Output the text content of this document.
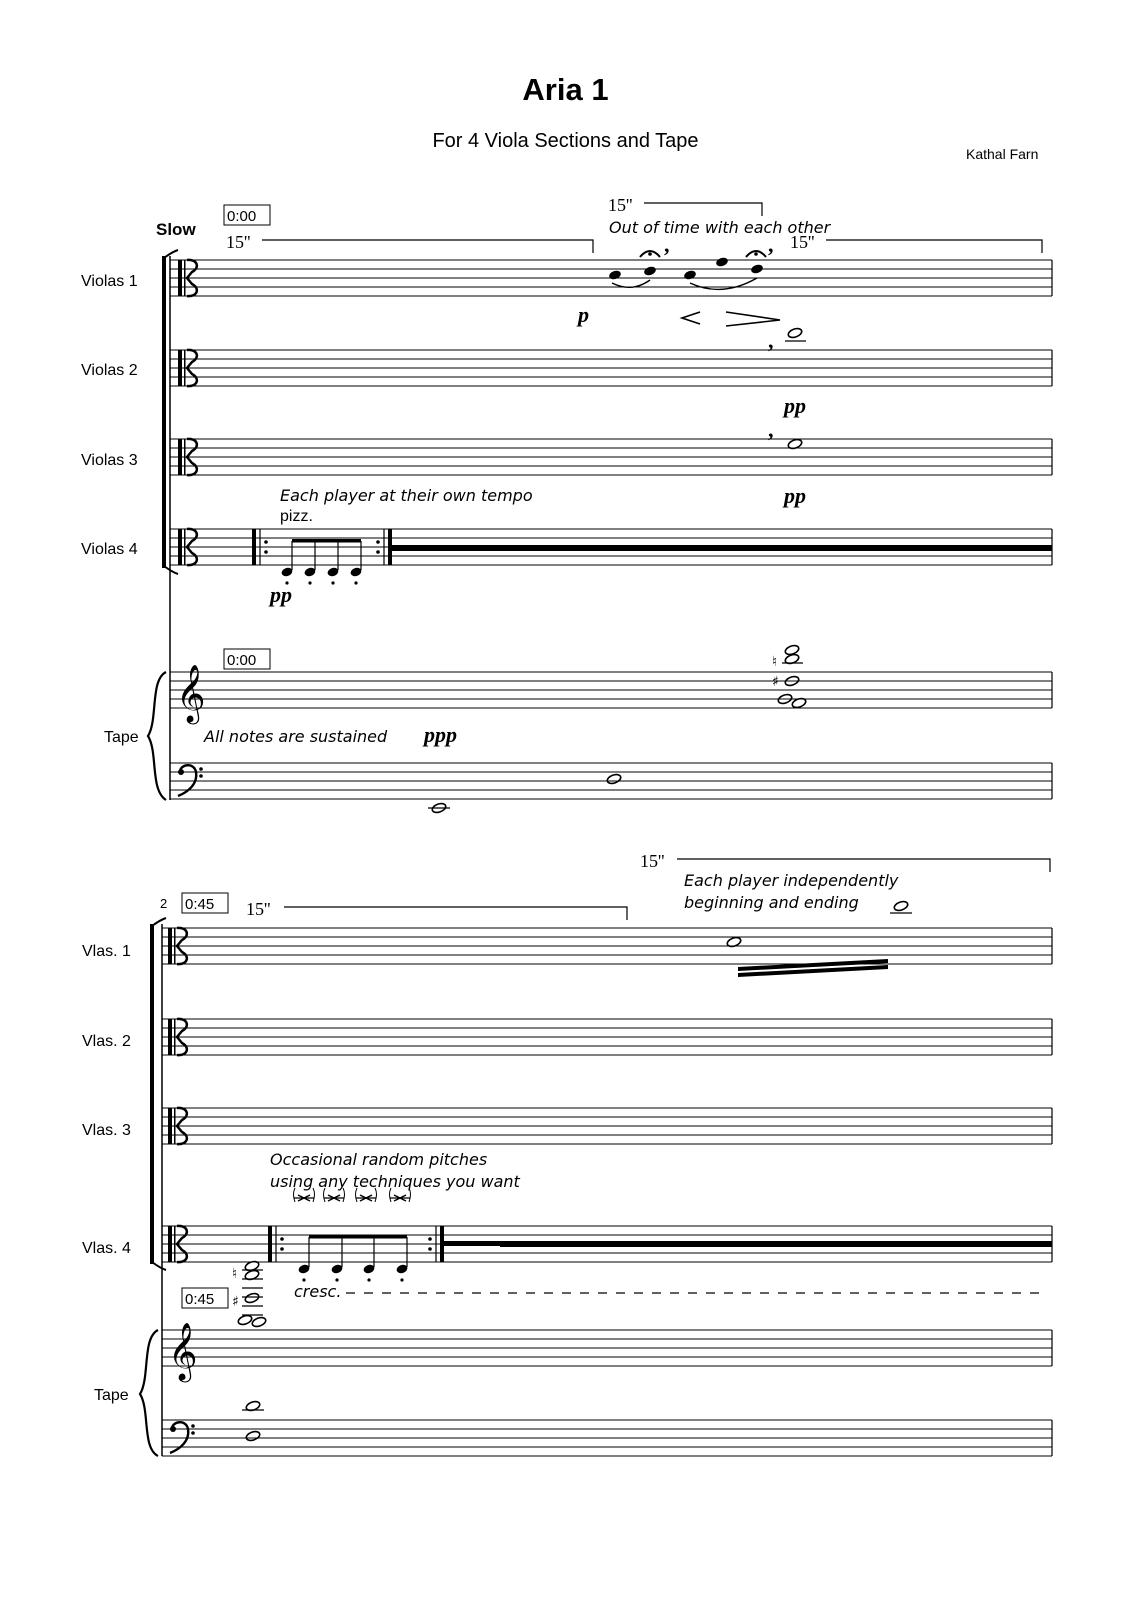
Aria 1
For 4 Viola Sections and Tape
Kathal Farn
Slow
0:00
15''
15''
15''
Out of time with each other
Violas 1
Violas 2
Violas 3
Violas 4
,	,
p
,
pp
,
pp
Each player at their own tempo
pizz.
pp
0:00
Tape
𝄞
All notes are sustained ppp
♮
♯
2 0:45 15''
15''
Each player independently
beginning and ending
Vlas. 1
Vlas. 2
Vlas. 3
Vlas. 4
Occasional random pitches
using any techniques you want
cresc.
0:45
♮
♯
Tape
𝄞
